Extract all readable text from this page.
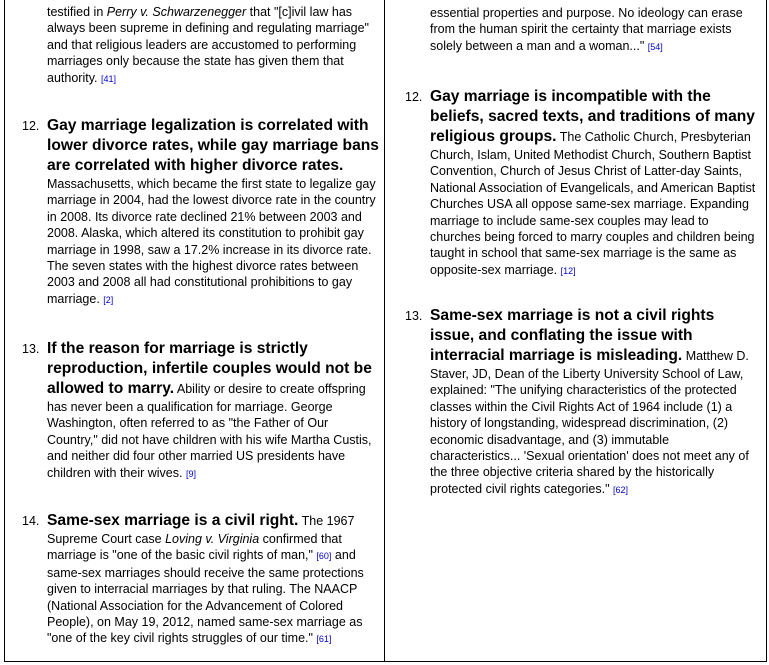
testified in Perry v. Schwarzenegger that "[c]ivil law has always been supreme in defining and regulating marriage" and that religious leaders are accustomed to performing marriages only because the state has given them that authority. [41]
12. Gay marriage legalization is correlated with lower divorce rates, while gay marriage bans are correlated with higher divorce rates. Massachusetts, which became the first state to legalize gay marriage in 2004, had the lowest divorce rate in the country in 2008. Its divorce rate declined 21% between 2003 and 2008. Alaska, which altered its constitution to prohibit gay marriage in 1998, saw a 17.2% increase in its divorce rate. The seven states with the highest divorce rates between 2003 and 2008 all had constitutional prohibitions to gay marriage. [2]
13. If the reason for marriage is strictly reproduction, infertile couples would not be allowed to marry. Ability or desire to create offspring has never been a qualification for marriage. George Washington, often referred to as "the Father of Our Country," did not have children with his wife Martha Custis, and neither did four other married US presidents have children with their wives. [9]
14. Same-sex marriage is a civil right. The 1967 Supreme Court case Loving v. Virginia confirmed that marriage is "one of the basic civil rights of man," [60] and same-sex marriages should receive the same protections given to interracial marriages by that ruling. The NAACP (National Association for the Advancement of Colored People), on May 19, 2012, named same-sex marriage as "one of the key civil rights struggles of our time." [61]
essential properties and purpose. No ideology can erase from the human spirit the certainty that marriage exists solely between a man and a woman..." [54]
12. Gay marriage is incompatible with the beliefs, sacred texts, and traditions of many religious groups. The Catholic Church, Presbyterian Church, Islam, United Methodist Church, Southern Baptist Convention, Church of Jesus Christ of Latter-day Saints, National Association of Evangelicals, and American Baptist Churches USA all oppose same-sex marriage. Expanding marriage to include same-sex couples may lead to churches being forced to marry couples and children being taught in school that same-sex marriage is the same as opposite-sex marriage. [12]
13. Same-sex marriage is not a civil rights issue, and conflating the issue with interracial marriage is misleading. Matthew D. Staver, JD, Dean of the Liberty University School of Law, explained: "The unifying characteristics of the protected classes within the Civil Rights Act of 1964 include (1) a history of longstanding, widespread discrimination, (2) economic disadvantage, and (3) immutable characteristics... 'Sexual orientation' does not meet any of the three objective criteria shared by the historically protected civil rights categories." [62]
